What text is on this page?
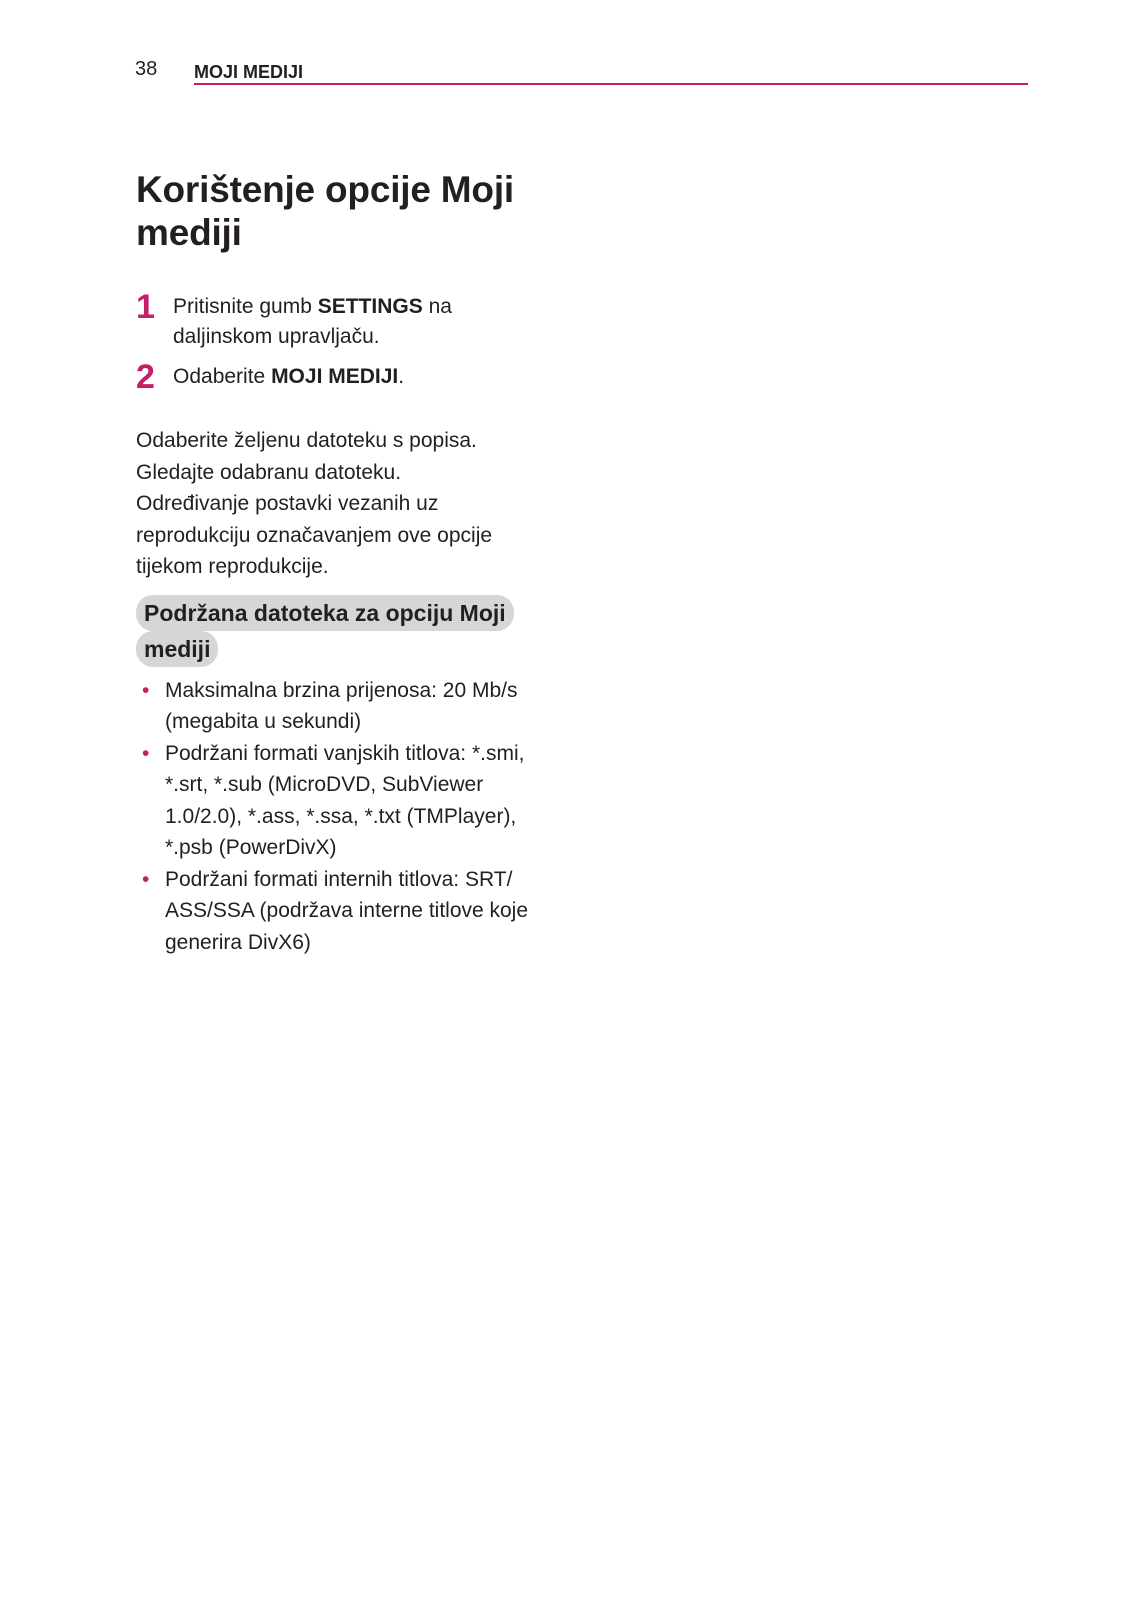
38 MOJI MEDIJI
Korištenje opcije Moji
mediji
1 Pritisnite gumb SETTINGS na daljinskom upravljaču.
2 Odaberite MOJI MEDIJI.

Odaberite željenu datoteku s popisa.

Gledajte odabranu datoteku.

Određivanje postavki vezanih uz reprodukciju označavanjem ove opcije tijekom reprodukcije.

Podržana datoteka za opciju Moji
mediji
• Maksimalna brzina prijenosa: 20 Mb/s (megabita u sekundi)
• Podržani formati vanjskih titlova: *.smi, *.srt, *.sub (MicroDVD, SubViewer 1.0/2.0), *.ass, *.ssa, *.txt (TMPlayer), *.psb (PowerDivX)
• Podržani formati internih titlova: SRT/ ASS/SSA (podržava interne titlove koje generira DivX6)
